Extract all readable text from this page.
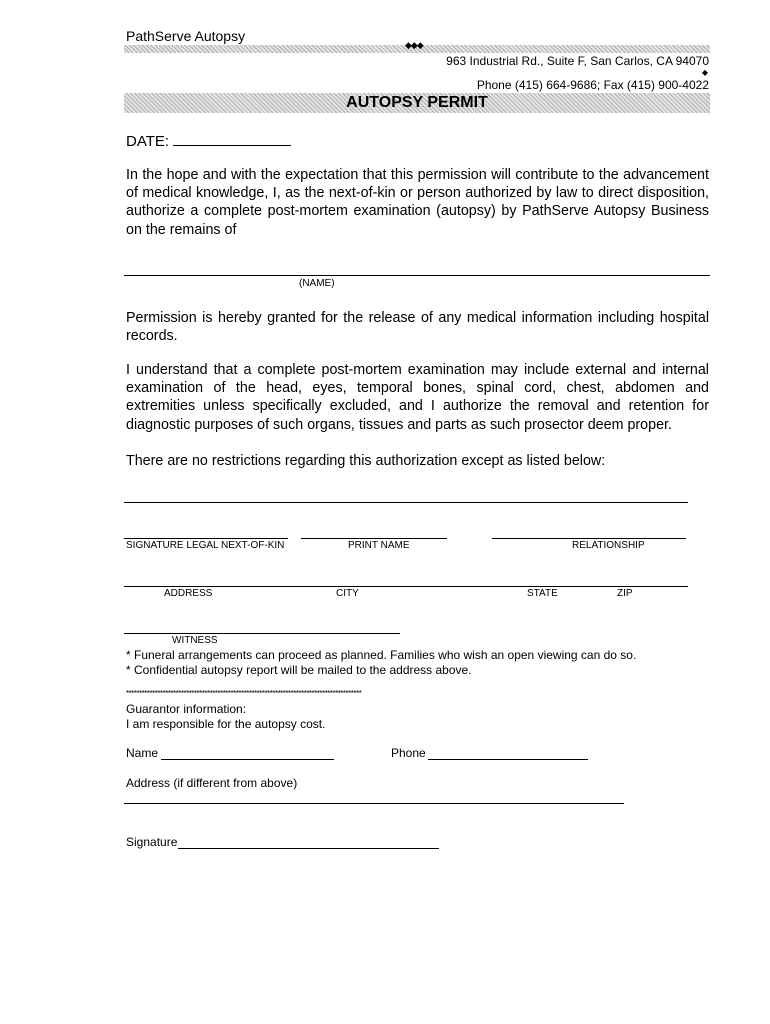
PathServe Autopsy
◆◆◆
963 Industrial Rd., Suite F, San Carlos, CA 94070
◆
Phone (415) 664-9686; Fax (415) 900-4022
AUTOPSY PERMIT
DATE:
In the hope and with the expectation that this permission will contribute to the advancement of medical knowledge, I, as the next-of-kin or person authorized by law to direct disposition, authorize a complete post-mortem examination (autopsy) by PathServe Autopsy Business on the remains of
(NAME)
Permission is hereby granted for the release of any medical information including hospital records.
I understand that a complete post-mortem examination may include external and internal examination of the head, eyes, temporal bones, spinal cord, chest, abdomen and extremities unless specifically excluded, and I authorize the removal and retention for diagnostic purposes of such organs, tissues and parts as such prosector deem proper.
There are no restrictions regarding this authorization except as listed below:
SIGNATURE LEGAL NEXT-OF-KIN	PRINT NAME	RELATIONSHIP
ADDRESS	CITY	STATE	ZIP
WITNESS
* Funeral arrangements can proceed as planned. Families who wish an open viewing can do so.
* Confidential autopsy report will be mailed to the address above.
******************************************************************************************
Guarantor information:
I am responsible for the autopsy cost.
Name	Phone
Address (if different from above)
Signature
